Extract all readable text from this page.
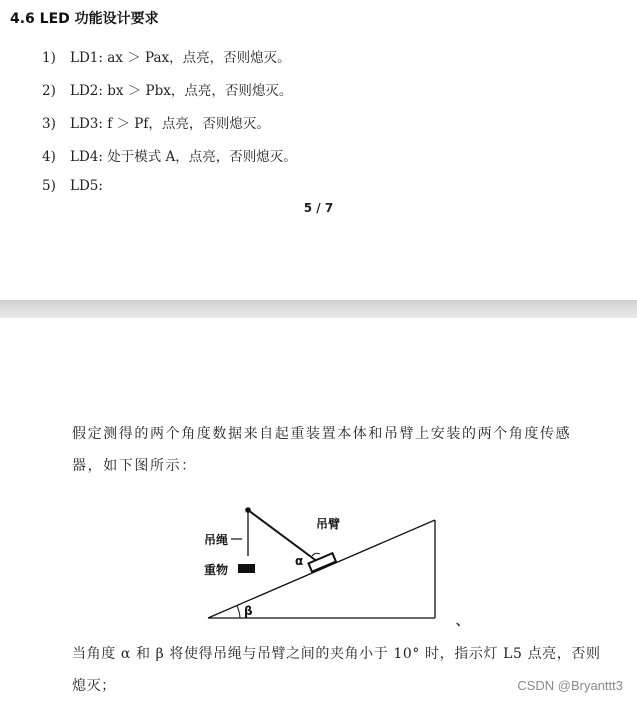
4.6 LED 功能设计要求
1) LD1: ax ＞ Pax，点亮，否则熄灭。
2) LD2: bx ＞ Pbx，点亮，否则熄灭。
3) LD3: f ＞ Pf，点亮，否则熄灭。
4) LD4: 处于模式 A，点亮，否则熄灭。
5) LD5:
5 / 7
假定测得的两个角度数据来自起重装置本体和吊臂上安装的两个角度传感器，如下图所示：
吊绳
吊臂
重物
α
β
、
当角度 α 和 β 将使得吊绳与吊臂之间的夹角小于 10° 时，指示灯 L5 点亮，否则熄灭；	CSDN @Bryanttt3
